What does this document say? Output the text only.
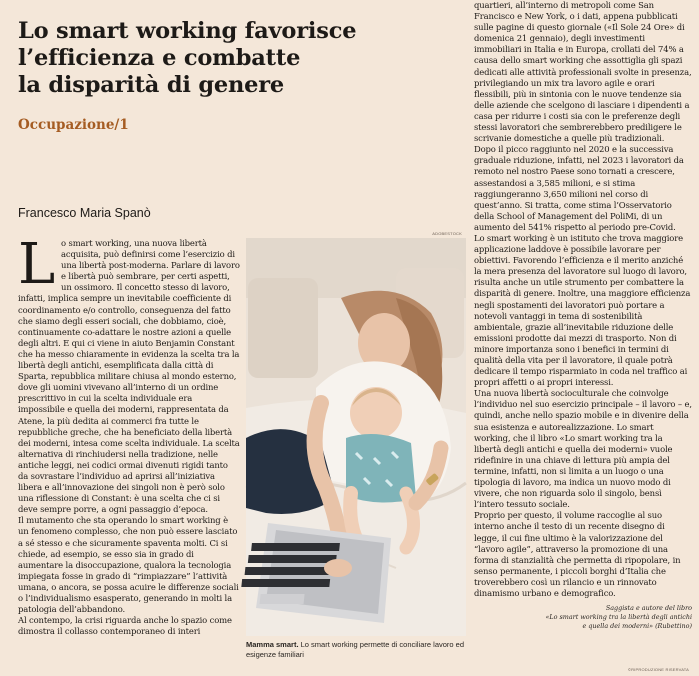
Lo smart working favorisce
l’efficienza e combatte
la disparità di genere
Occupazione/1
Francesco Maria Spanò

Lo smart working, una nuova libertà acquisita, può definirsi come l’esercizio di una libertà post-moderna. Parlare di lavoro e libertà può sembrare, per certi aspetti, un ossimoro. Il concetto stesso di lavoro, infatti, implica sempre un inevitabile coefficiente di coordinamento e/o controllo, conseguenza del fatto che siamo degli esseri sociali, che dobbiamo, cioè, continuamente co-adattare le nostre azioni a quelle degli altri. E qui ci viene in aiuto Benjamin Constant che ha messo chiaramente in evidenza la scelta tra la libertà degli antichi, esemplificata dalla città di Sparta, repubblica militare chiusa al mondo esterno, dove gli uomini vivevano all’interno di un ordine prescrittivo in cui la scelta individuale era impossibile e quella dei moderni, rappresentata da Atene, la più dedita ai commerci fra tutte le repubbliche greche, che ha beneficiato della libertà dei moderni, intesa come scelta individuale. La scelta alternativa di rinchiudersi nella tradizione, nelle antiche leggi, nei codici ormai divenuti rigidi tanto da sovrastare l’individuo ad aprirsi all’iniziativa libera e all’innovazione dei singoli non è però solo una riflessione di Constant: è una scelta che ci si deve sempre porre, a ogni passaggio d’epoca.

Il mutamento che sta operando lo smart working è un fenomeno complesso, che non può essere lasciato a sé stesso e che sicuramente spaventa molti. Ci si chiede, ad esempio, se esso sia in grado di aumentare la disoccupazione, qualora la tecnologia impiegata fosse in grado di “rimpiazzare” l’attività umana, o ancora, se possa acuire le differenze sociali o l’individualismo esasperato, generando in molti la patologia dell’abbandono.

Al contempo, la crisi riguarda anche lo spazio come dimostra il collasso contemporaneo di interi

ADOBESTOCK
Mamma smart. Lo smart working permette di conciliare lavoro ed esigenze familiari

quartieri, all’interno di metropoli come San Francisco e New York, o i dati, appena pubblicati sulle pagine di questo giornale («Il Sole 24 Ore» di domenica 21 gennaio), degli investimenti immobiliari in Italia e in Europa, crollati del 74% a causa dello smart working che assottiglia gli spazi dedicati alle attività professionali svolte in presenza, privilegiando un mix tra lavoro agile e orari flessibili, più in sintonia con le nuove tendenze sia delle aziende che scelgono di lasciare i dipendenti a casa per ridurre i costi sia con le preferenze degli stessi lavoratori che sembrerebbero prediligere le scrivanie domestiche a quelle più tradizionali.

Dopo il picco raggiunto nel 2020 e la successiva graduale riduzione, infatti, nel 2023 i lavoratori da remoto nel nostro Paese sono tornati a crescere, assestandosi a 3,585 milioni, e si stima raggiungeranno 3,650 milioni nel corso di quest’anno. Si tratta, come stima l’Osservatorio della School of Management del PoliMi, di un aumento del 541% rispetto al periodo pre-Covid.

Lo smart working è un istituto che trova maggiore applicazione laddove è possibile lavorare per obiettivi. Favorendo l’efficienza e il merito anziché la mera presenza del lavoratore sul luogo di lavoro, risulta anche un utile strumento per combattere la disparità di genere. Inoltre, una maggiore efficienza negli spostamenti dei lavoratori può portare a notevoli vantaggi in tema di sostenibilità ambientale, grazie all’inevitabile riduzione delle emissioni prodotte dai mezzi di trasporto. Non di minore importanza sono i benefici in termini di qualità della vita per il lavoratore, il quale potrà dedicare il tempo risparmiato in coda nel traffico ai propri affetti o ai propri interessi.

Una nuova libertà socioculturale che coinvolge l’individuo nel suo esercizio principale – il lavoro – e, quindi, anche nello spazio mobile e in divenire della sua esistenza e autorealizzazione. Lo smart working, che il libro «Lo smart working tra la libertà degli antichi e quella dei moderni» vuole ridefinire in una chiave di lettura più ampia del termine, infatti, non si limita a un luogo o una tipologia di lavoro, ma indica un nuovo modo di vivere, che non riguarda solo il singolo, bensì l’intero tessuto sociale.

Proprio per questo, il volume raccoglie al suo interno anche il testo di un recente disegno di legge, il cui fine ultimo è la valorizzazione del “lavoro agile”, attraverso la promozione di una forma di stanzialità che permetta di ripopolare, in senso permanente, i piccoli borghi d’Italia che troverebbero così un rilancio e un rinnovato dinamismo urbano e demografico.

Saggista e autore del libro
«Lo smart working tra la libertà degli antichi
e quella dei moderni» (Rubettino)
©RIPRODUZIONE RISERVATA
